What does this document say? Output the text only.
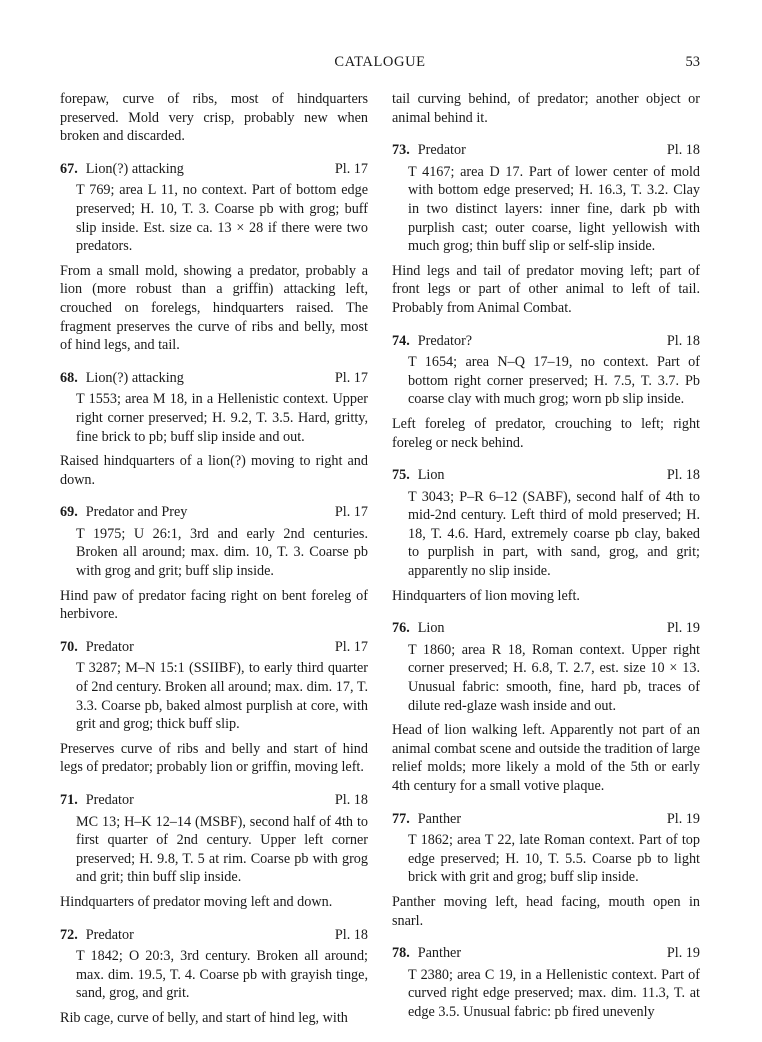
CATALOGUE	53

forepaw, curve of ribs, most of hindquarters preserved. Mold very crisp, probably new when broken and discarded.

67. Lion(?) attacking	Pl. 17

T 769; area L 11, no context. Part of bottom edge preserved; H. 10, T. 3. Coarse pb with grog; buff slip inside. Est. size ca. 13 × 28 if there were two predators.

From a small mold, showing a predator, probably a lion (more robust than a griffin) attacking left, crouched on forelegs, hindquarters raised. The fragment preserves the curve of ribs and belly, most of hind legs, and tail.

68. Lion(?) attacking	Pl. 17

T 1553; area M 18, in a Hellenistic context. Upper right corner preserved; H. 9.2, T. 3.5. Hard, gritty, fine brick to pb; buff slip inside and out.

Raised hindquarters of a lion(?) moving to right and down.

69. Predator and Prey	Pl. 17

T 1975; U 26:1, 3rd and early 2nd centuries. Broken all around; max. dim. 10, T. 3. Coarse pb with grog and grit; buff slip inside.

Hind paw of predator facing right on bent foreleg of herbivore.

70. Predator	Pl. 17

T 3287; M–N 15:1 (SSIIBF), to early third quarter of 2nd century. Broken all around; max. dim. 17, T. 3.3. Coarse pb, baked almost purplish at core, with grit and grog; thick buff slip.

Preserves curve of ribs and belly and start of hind legs of predator; probably lion or griffin, moving left.

71. Predator	Pl. 18

MC 13; H–K 12–14 (MSBF), second half of 4th to first quarter of 2nd century. Upper left corner preserved; H. 9.8, T. 5 at rim. Coarse pb with grog and grit; thin buff slip inside.

Hindquarters of predator moving left and down.

72. Predator	Pl. 18

T 1842; O 20:3, 3rd century. Broken all around; max. dim. 19.5, T. 4. Coarse pb with grayish tinge, sand, grog, and grit.

Rib cage, curve of belly, and start of hind leg, with

tail curving behind, of predator; another object or animal behind it.

73. Predator	Pl. 18

T 4167; area D 17. Part of lower center of mold with bottom edge preserved; H. 16.3, T. 3.2. Clay in two distinct layers: inner fine, dark pb with purplish cast; outer coarse, light yellowish with much grog; thin buff slip or self-slip inside.

Hind legs and tail of predator moving left; part of front legs or part of other animal to left of tail. Probably from Animal Combat.

74. Predator?	Pl. 18

T 1654; area N–Q 17–19, no context. Part of bottom right corner preserved; H. 7.5, T. 3.7. Pb coarse clay with much grog; worn pb slip inside.

Left foreleg of predator, crouching to left; right foreleg or neck behind.

75. Lion	Pl. 18

T 3043; P–R 6–12 (SABF), second half of 4th to mid-2nd century. Left third of mold preserved; H. 18, T. 4.6. Hard, extremely coarse pb clay, baked to purplish in part, with sand, grog, and grit; apparently no slip inside.

Hindquarters of lion moving left.

76. Lion	Pl. 19

T 1860; area R 18, Roman context. Upper right corner preserved; H. 6.8, T. 2.7, est. size 10 × 13. Unusual fabric: smooth, fine, hard pb, traces of dilute red-glaze wash inside and out.

Head of lion walking left. Apparently not part of an animal combat scene and outside the tradition of large relief molds; more likely a mold of the 5th or early 4th century for a small votive plaque.

77. Panther	Pl. 19

T 1862; area T 22, late Roman context. Part of top edge preserved; H. 10, T. 5.5. Coarse pb to light brick with grit and grog; buff slip inside.

Panther moving left, head facing, mouth open in snarl.

78. Panther	Pl. 19

T 2380; area C 19, in a Hellenistic context. Part of curved right edge preserved; max. dim. 11.3, T. at edge 3.5. Unusual fabric: pb fired unevenly
